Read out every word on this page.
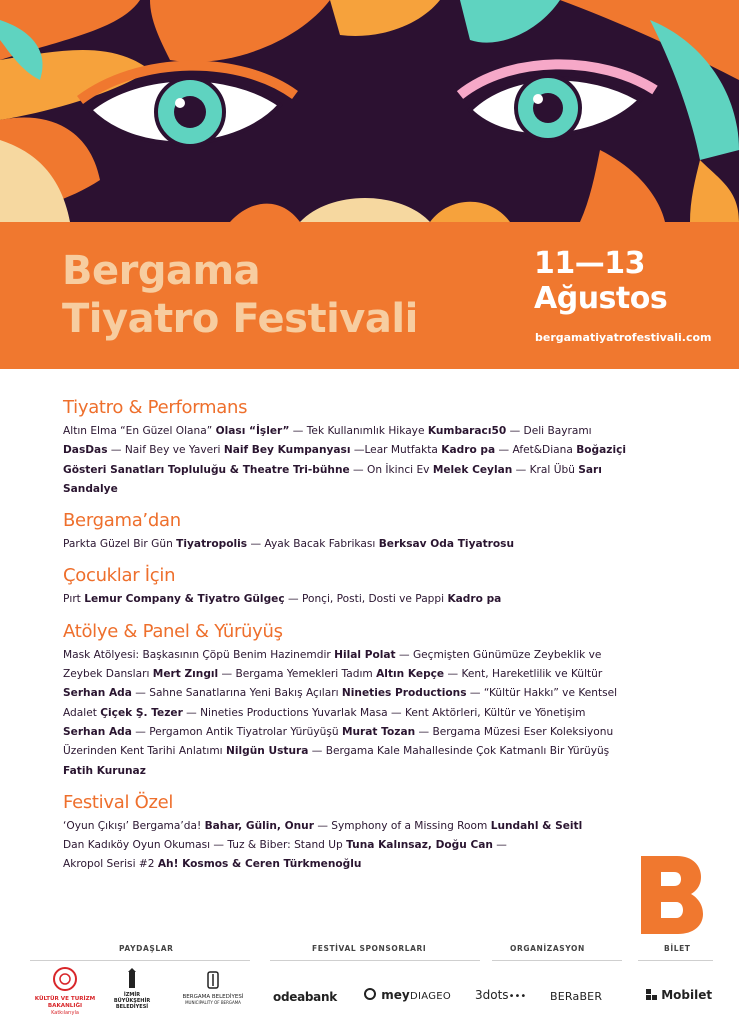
Bergama
Tiyatro Festivali
11—13
Ağustos
bergamatiyatrofestivali.com
Tiyatro & Performans

Altın Elma “En Güzel Olana” Olası “İşler” — Tek Kullanımlık Hikaye Kumbaracı50 — Deli Bayramı
DasDas — Naif Bey ve Yaveri Naif Bey Kumpanyası —Lear Mutfakta Kadro pa — Afet&Diana Boğaziçi
Gösteri Sanatları Topluluğu & Theatre Tri-bühne — On İkinci Ev Melek Ceylan — Kral Übü Sarı
Sandalye

Bergama’dan

Parkta Güzel Bir Gün Tiyatropolis — Ayak Bacak Fabrikası Berksav Oda Tiyatrosu

Çocuklar İçin

Pırt Lemur Company & Tiyatro Gülgeç — Ponçi, Posti, Dosti ve Pappi Kadro pa

Atölye & Panel & Yürüyüş

Mask Atölyesi: Başkasının Çöpü Benim Hazinemdir Hilal Polat — Geçmişten Günümüze Zeybeklik ve
Zeybek Dansları Mert Zıngıl — Bergama Yemekleri Tadım Altın Kepçe — Kent, Hareketlilik ve Kültür
Serhan Ada — Sahne Sanatlarına Yeni Bakış Açıları Nineties Productions — “Kültür Hakkı” ve Kentsel
Adalet Çiçek Ş. Tezer — Nineties Productions Yuvarlak Masa — Kent Aktörleri, Kültür ve Yönetişim
Serhan Ada — Pergamon Antik Tiyatrolar Yürüyüşü Murat Tozan — Bergama Müzesi Eser Koleksiyonu
Üzerinden Kent Tarihi Anlatımı Nilgün Ustura — Bergama Kale Mahallesinde Çok Katmanlı Bir Yürüyüş
Fatih Kurunaz

Festival Özel

‘Oyun Çıkışı’ Bergama’da! Bahar, Gülin, Onur — Symphony of a Missing Room Lundahl & Seitl
Dan Kadıköy Oyun Okuması — Tuz & Biber: Stand Up Tuna Kalınsaz, Doğu Can —
Akropol Serisi #2 Ah! Kosmos & Ceren Türkmenoğlu

PAYDAŞLAR	FESTİVAL SPONSORLARI	ORGANİZASYON	BİLET
KÜLTÜR VE TURİZM
BAKANLIĞI
Katkılarıyla
İZMİR
BÜYÜKŞEHİR
BELEDİYESİ
BERGAMA BELEDİYESİ
MUNICIPALITY OF BERGAMA	odeabank	mey DIAGEO 3dots••• BERaBER	Mobilet
